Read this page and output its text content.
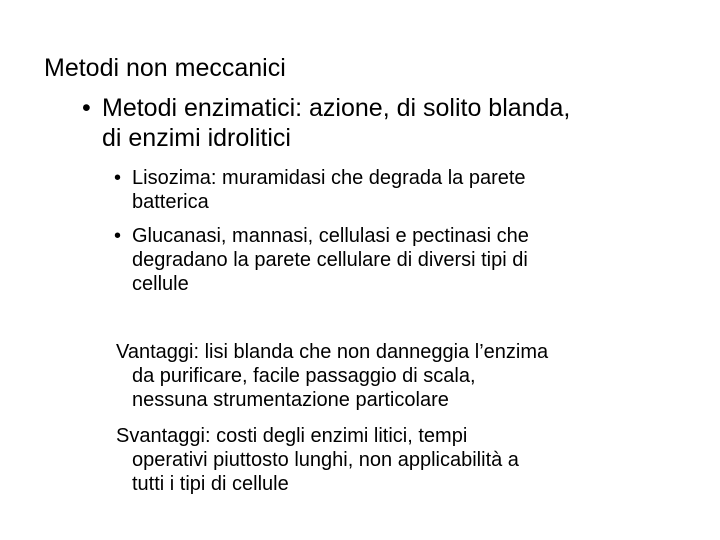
Metodi non meccanici
• Metodi enzimatici: azione, di solito blanda,
di enzimi idrolitici
• Lisozima: muramidasi che degrada la parete
batterica
• Glucanasi, mannasi, cellulasi e pectinasi che
degradano la parete cellulare di diversi tipi di
cellule
Vantaggi: lisi blanda che non danneggia l’enzima
da purificare, facile passaggio di scala,
nessuna strumentazione particolare
Svantaggi: costi degli enzimi litici, tempi
operativi piuttosto lunghi, non applicabilità a
tutti i tipi di cellule
